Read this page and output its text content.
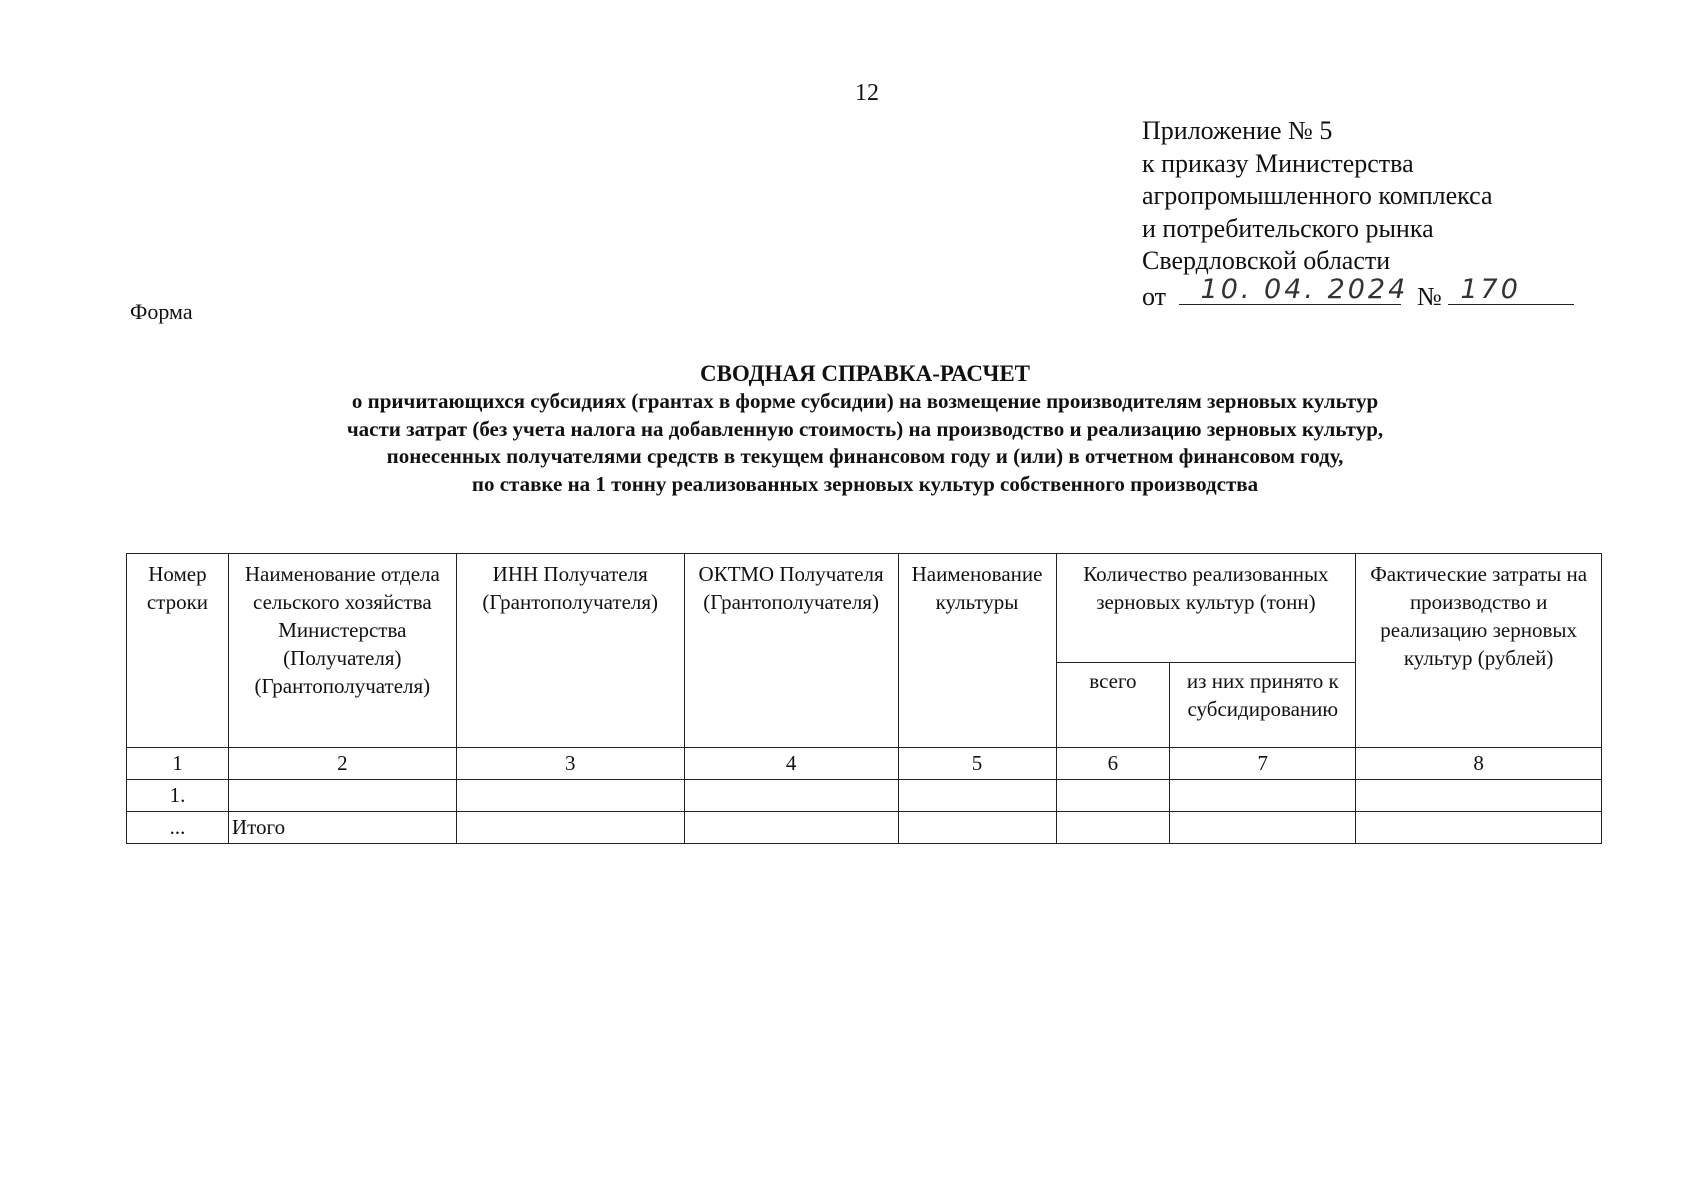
12
Приложение № 5
к приказу Министерства
агропромышленного комплекса
и потребительского рынка
Свердловской области
от 10. 04. 2024 № 170
Форма
СВОДНАЯ СПРАВКА-РАСЧЕТ
о причитающихся субсидиях (грантах в форме субсидии) на возмещение производителям зерновых культур
части затрат (без учета налога на добавленную стоимость) на производство и реализацию зерновых культур,
понесенных получателями средств в текущем финансовом году и (или) в отчетном финансовом году,
по ставке на 1 тонну реализованных зерновых культур собственного производства
Номер строки	Наименование отдела сельского хозяйства Министерства (Получателя) (Грантополучателя)	ИНН Получателя (Грантополучателя)	ОКТМО Получателя (Грантополучателя)	Наименование культуры	Количество реализованных зерновых культур (тонн)		Фактические затраты на производство и реализацию зерновых культур (рублей)
					всего	из них принято к субсидированию	
1	2	3	4	5	6	7	8
1.							
...	Итого						
